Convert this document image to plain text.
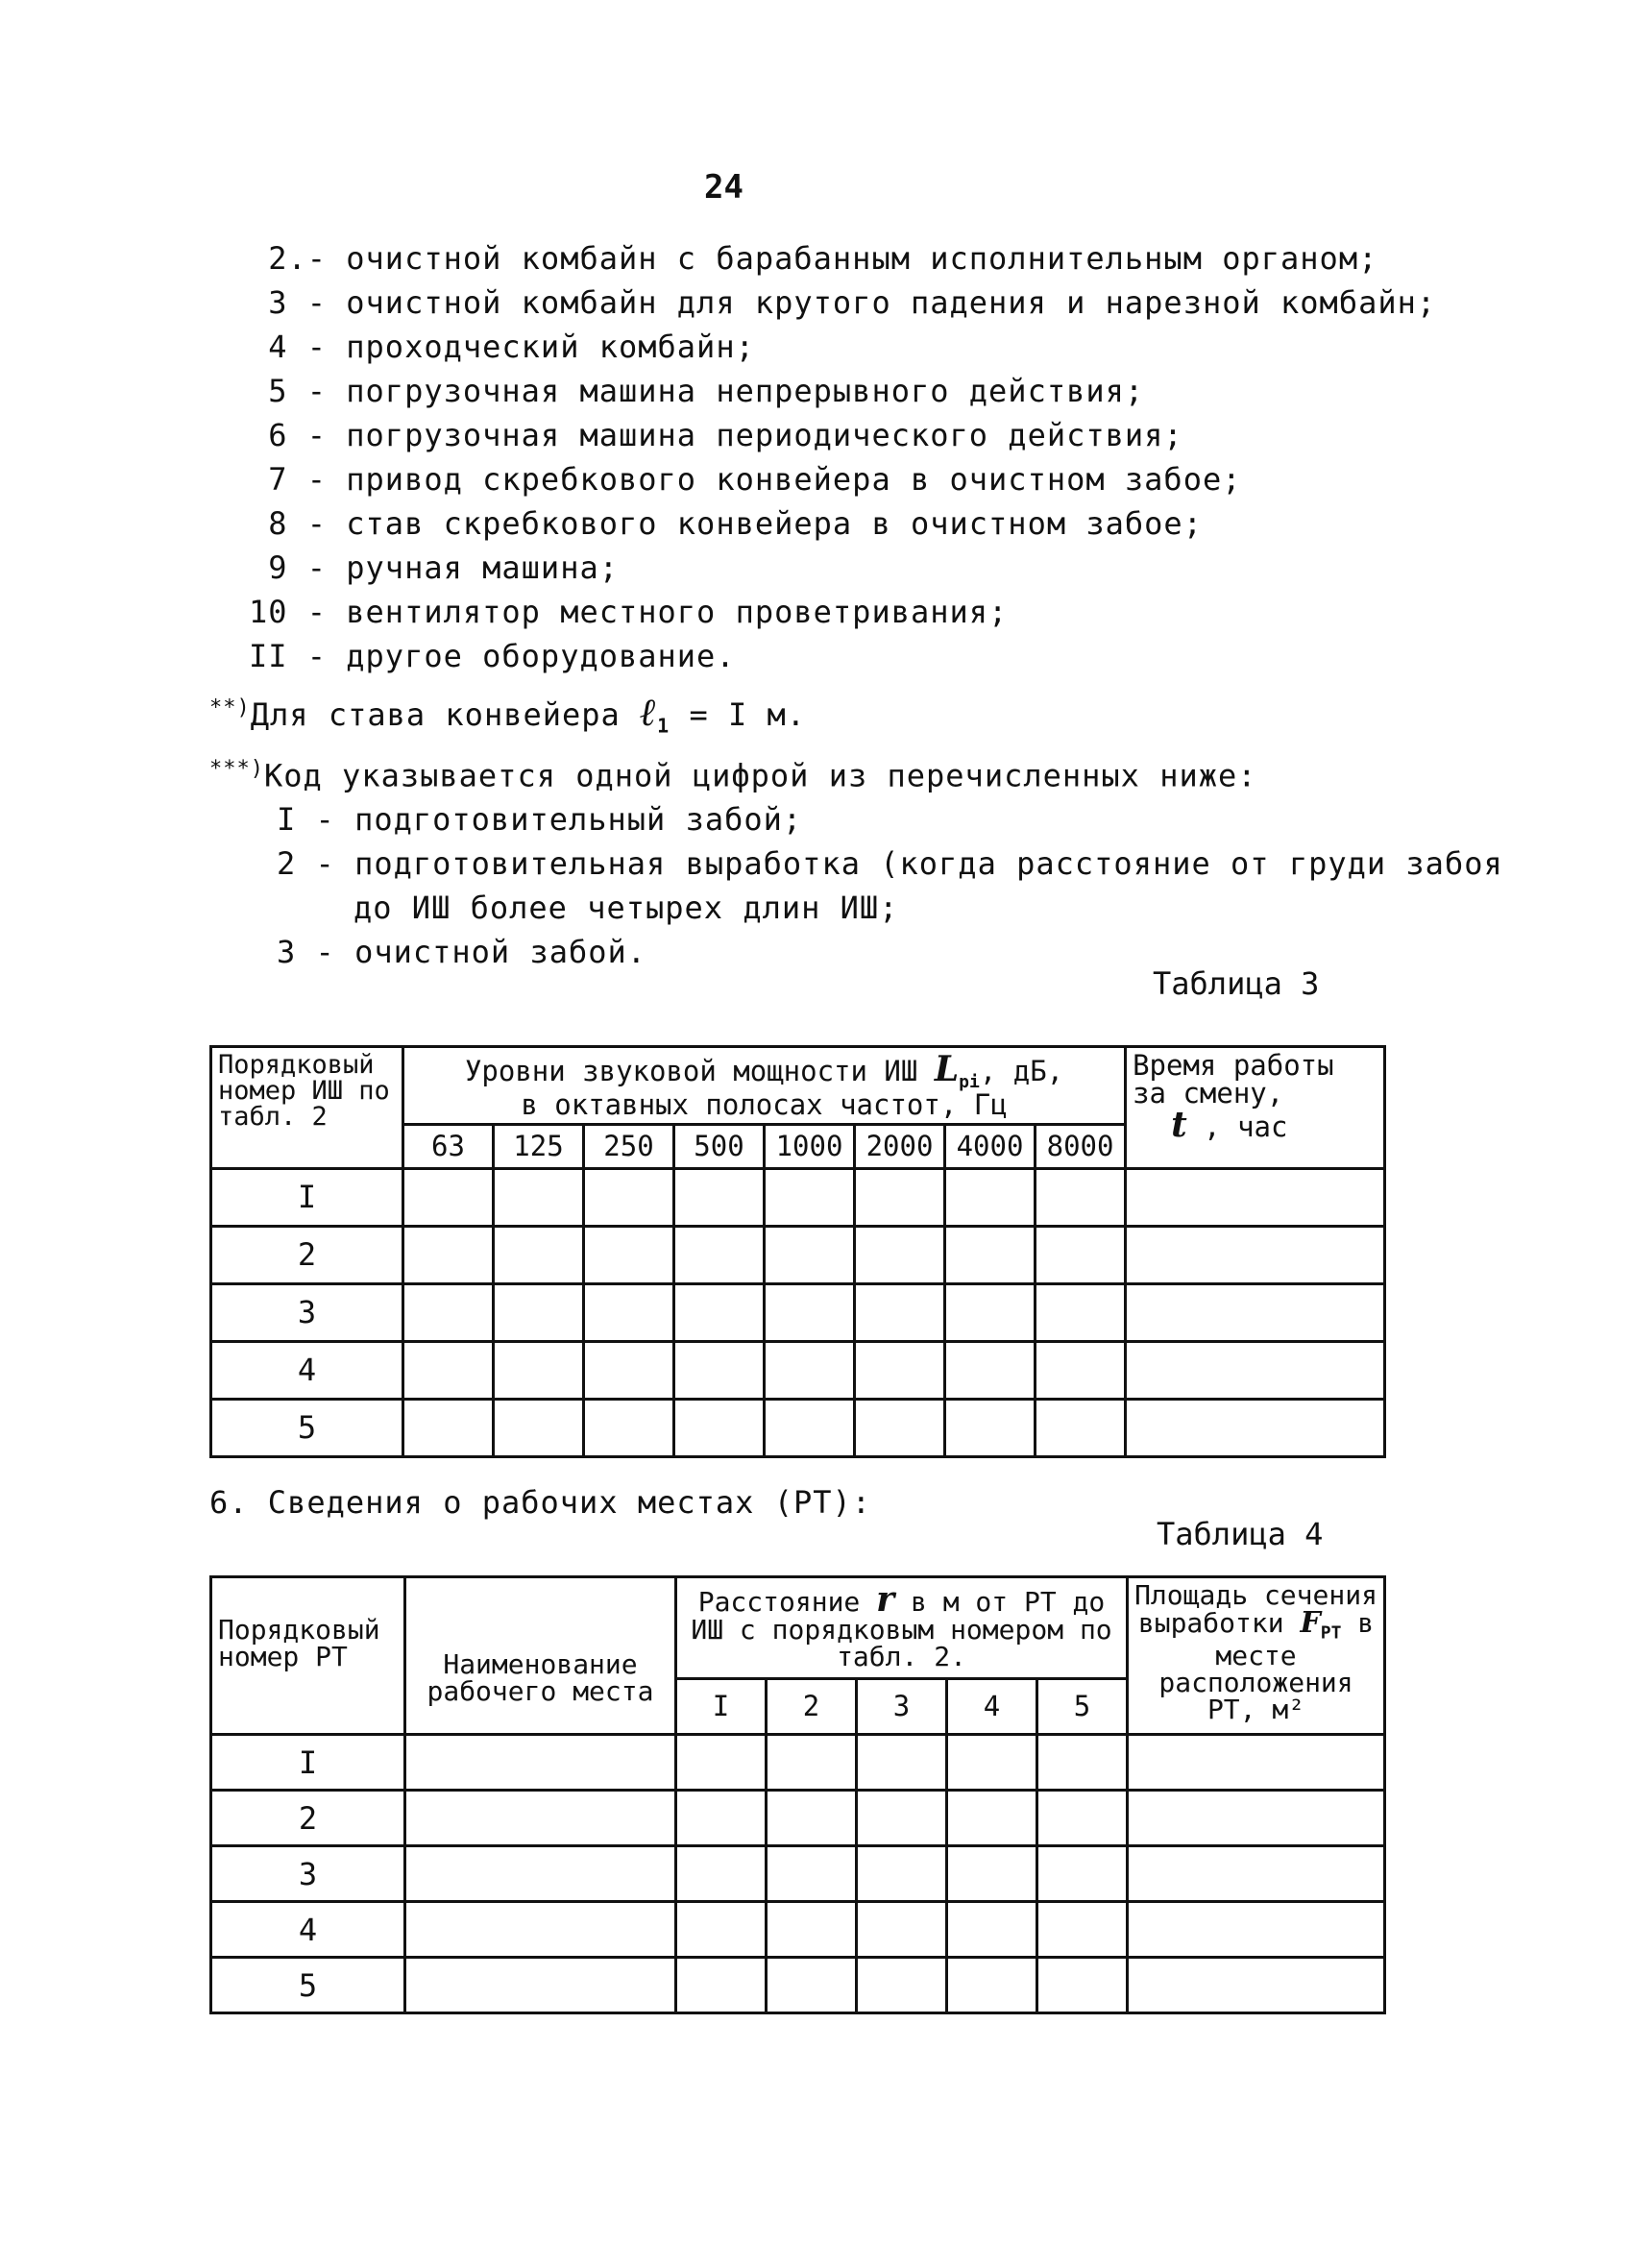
24
2.- очистной комбайн с барабанным исполнительным органом;
3 - очистной комбайн для крутого падения и нарезной комбайн;
4 - проходческий комбайн;
5 - погрузочная машина непрерывного действия;
6 - погрузочная машина периодического действия;
7 - привод скребкового конвейера в очистном забое;
8 - став скребкового конвейера в очистном забое;
9 - ручная машина;
10 - вентилятор местного проветривания;
II - другое оборудование.
**)Для става конвейера ℓ$_1$ = I м.
***)Код указывается одной цифрой из перечисленных ниже:
I - подготовительный забой;
2 - подготовительная выработка (когда расстояние от груди забоя
до ИШ более четырех длин ИШ;
3 - очистной забой.
Таблица 3
Порядковый номер ИШ по табл. 2	Уровни звуковой мощности ИШ $L_{pi}$, дБ,
в октавных полосах частот, Гц								Время работы
за смену,
t , час
	63	125	250	500	1000	2000	4000	8000	
I									
2									
3									
4									
5									
6. Сведения о рабочих местах (РТ):
Таблица 4
Порядковый номер РТ	Наименование рабочего места	Расстояние r в м от РТ до ИШ с порядковым номером по табл. 2.					Площадь сечения выработки $F_{PT}$ в месте расположения РТ, м²
		I	2	3	4	5	
I							
2							
3							
4							
5							
